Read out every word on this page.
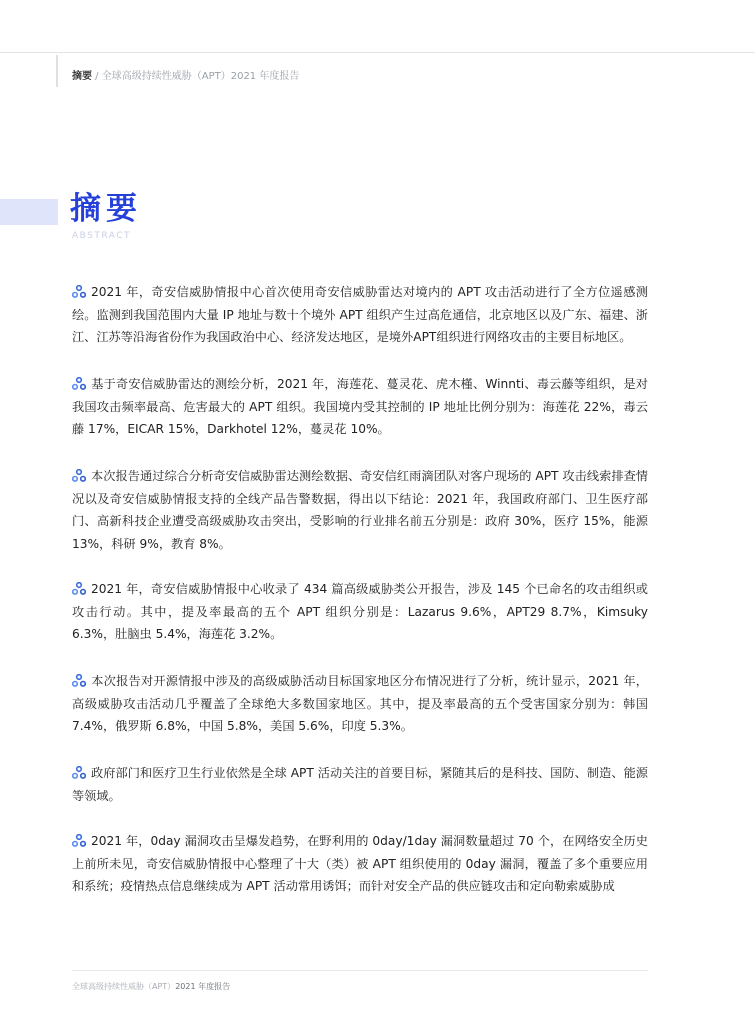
摘要 / 全球高级持续性威胁（APT）2021 年度报告
摘要
ABSTRACT

2021 年，奇安信威胁情报中心首次使用奇安信威胁雷达对境内的 APT 攻击活动进行了全方位遥感测绘。监测到我国范围内大量 IP 地址与数十个境外 APT 组织产生过高危通信，北京地区以及广东、福建、浙江、江苏等沿海省份作为我国政治中心、经济发达地区，是境外APT组织进行网络攻击的主要目标地区。

基于奇安信威胁雷达的测绘分析，2021 年，海莲花、蔓灵花、虎木槿、Winnti、毒云藤等组织，是对我国攻击频率最高、危害最大的 APT 组织。我国境内受其控制的 IP 地址比例分别为：海莲花 22%，毒云藤 17%，EICAR 15%，Darkhotel 12%，蔓灵花 10%。

本次报告通过综合分析奇安信威胁雷达测绘数据、奇安信红雨滴团队对客户现场的 APT 攻击线索排查情况以及奇安信威胁情报支持的全线产品告警数据，得出以下结论：2021 年，我国政府部门、卫生医疗部门、高新科技企业遭受高级威胁攻击突出，受影响的行业排名前五分别是：政府 30%，医疗 15%，能源 13%，科研 9%，教育 8%。

2021 年，奇安信威胁情报中心收录了 434 篇高级威胁类公开报告，涉及 145 个已命名的攻击组织或攻击行动。其中，提及率最高的五个 APT 组织分别是：Lazarus 9.6%，APT29 8.7%，Kimsuky 6.3%，肚脑虫 5.4%，海莲花 3.2%。

本次报告对开源情报中涉及的高级威胁活动目标国家地区分布情况进行了分析，统计显示，2021 年，高级威胁攻击活动几乎覆盖了全球绝大多数国家地区。其中，提及率最高的五个受害国家分别为：韩国 7.4%，俄罗斯 6.8%，中国 5.8%，美国 5.6%，印度 5.3%。

政府部门和医疗卫生行业依然是全球 APT 活动关注的首要目标，紧随其后的是科技、国防、制造、能源等领域。

2021 年，0day 漏洞攻击呈爆发趋势，在野利用的 0day/1day 漏洞数量超过 70 个，在网络安全历史上前所未见，奇安信威胁情报中心整理了十大（类）被 APT 组织使用的 0day 漏洞，覆盖了多个重要应用和系统；疫情热点信息继续成为 APT 活动常用诱饵；而针对安全产品的供应链攻击和定向勒索威胁成

全球高级持续性威胁（APT）2021 年度报告
